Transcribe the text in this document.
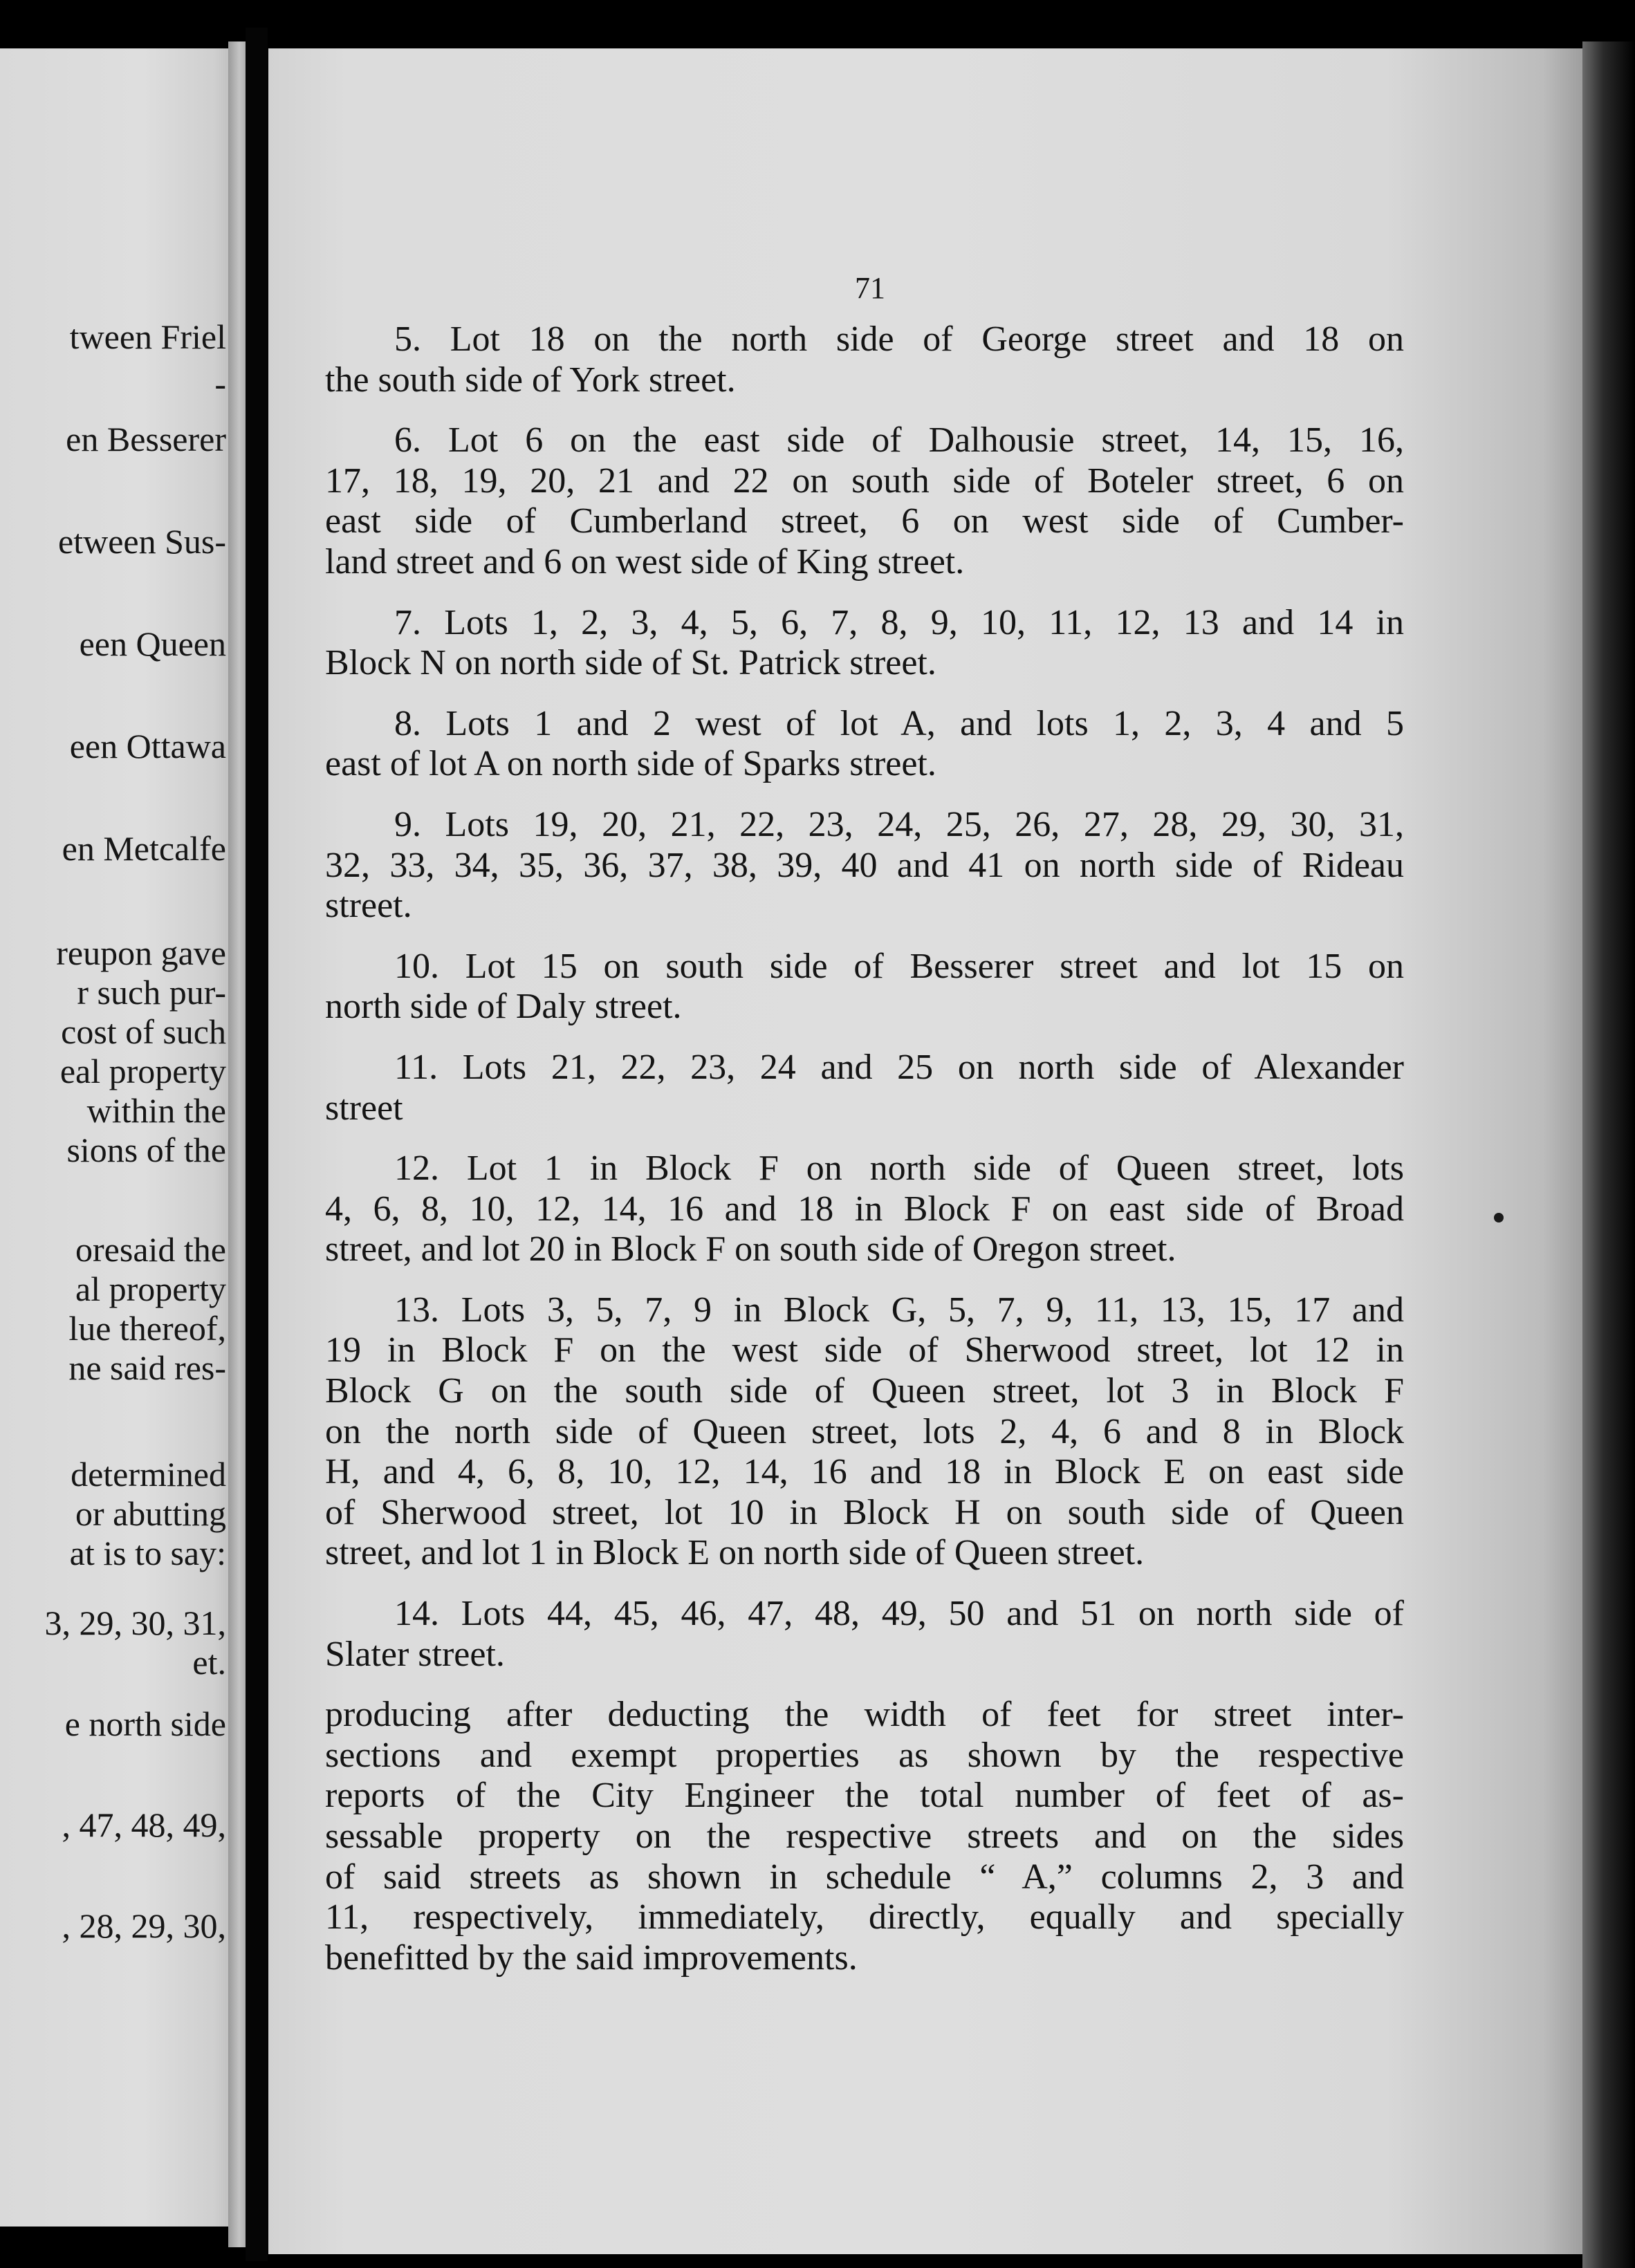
tween Friel
-
en Besserer
etween Sus-
een Queen
een Ottawa
en Metcalfe
reupon gave
r such pur-
cost of such
eal property
within the
sions of the
oresaid the
al property
lue thereof,
ne said res-
determined
or abutting
at is to say:
3, 29, 30, 31,
et.
e north side
, 47, 48, 49,
, 28, 29, 30,
71

5. Lot 18 on the north side of George street and 18 on
the south side of York street.

6. Lot 6 on the east side of Dalhousie street, 14, 15, 16,
17, 18, 19, 20, 21 and 22 on south side of Boteler street, 6 on
east side of Cumberland street, 6 on west side of Cumber-
land street and 6 on west side of King street.

7. Lots 1, 2, 3, 4, 5, 6, 7, 8, 9, 10, 11, 12, 13 and 14 in
Block N on north side of St. Patrick street.

8. Lots 1 and 2 west of lot A, and lots 1, 2, 3, 4 and 5
east of lot A on north side of Sparks street.

9. Lots 19, 20, 21, 22, 23, 24, 25, 26, 27, 28, 29, 30, 31,
32, 33, 34, 35, 36, 37, 38, 39, 40 and 41 on north side of Rideau
street.

10. Lot 15 on south side of Besserer street and lot 15 on
north side of Daly street.

11. Lots 21, 22, 23, 24 and 25 on north side of Alexander
street

12. Lot 1 in Block F on north side of Queen street, lots
4, 6, 8, 10, 12, 14, 16 and 18 in Block F on east side of Broad
street, and lot 20 in Block F on south side of Oregon street.

13. Lots 3, 5, 7, 9 in Block G, 5, 7, 9, 11, 13, 15, 17 and
19 in Block F on the west side of Sherwood street, lot 12 in
Block G on the south side of Queen street, lot 3 in Block F
on the north side of Queen street, lots 2, 4, 6 and 8 in Block
H, and 4, 6, 8, 10, 12, 14, 16 and 18 in Block E on east side
of Sherwood street, lot 10 in Block H on south side of Queen
street, and lot 1 in Block E on north side of Queen street.

14. Lots 44, 45, 46, 47, 48, 49, 50 and 51 on north side of
Slater street.

producing after deducting the width of feet for street inter-
sections and exempt properties as shown by the respective
reports of the City Engineer the total number of feet of as-
sessable property on the respective streets and on the sides
of said streets as shown in schedule “ A,” columns 2, 3 and
11, respectively, immediately, directly, equally and specially
benefitted by the said improvements.
